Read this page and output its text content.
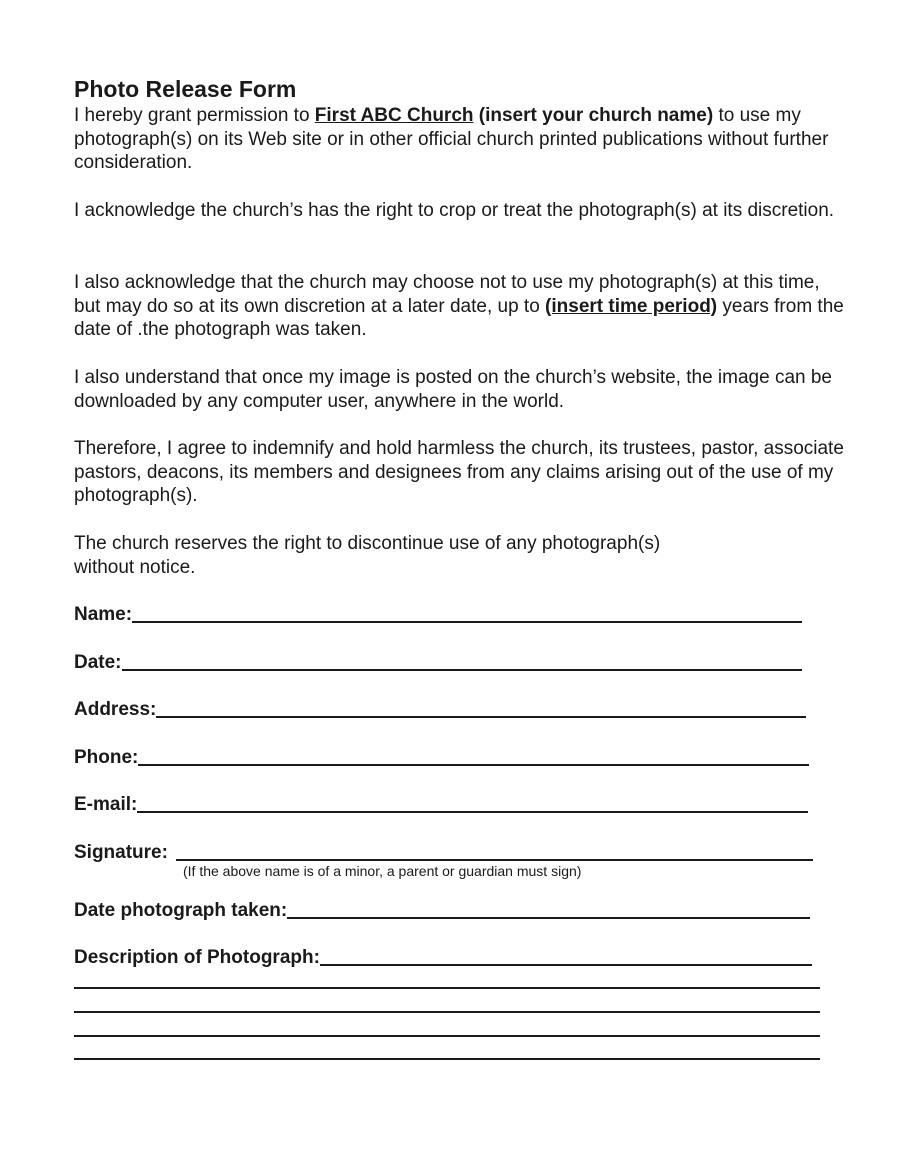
Photo Release Form

I hereby grant permission to First ABC Church (insert your church name) to use my photograph(s) on its Web site or in other official church printed publications without further consideration.

I acknowledge the church’s has the right to crop or treat the photograph(s) at its discretion.

I also acknowledge that the church may choose not to use my photograph(s) at this time, but may do so at its own discretion at a later date, up to (insert time period) years from the date of .the photograph was taken.

I also understand that once my image is posted on the church’s website, the image can be downloaded by any computer user, anywhere in the world.

Therefore, I agree to indemnify and hold harmless the church, its trustees, pastor, associate pastors, deacons, its members and designees from any claims arising out of the use of my photograph(s).

The church reserves the right to discontinue use of any photograph(s)
without notice.
Name:
Date:
Address:
Phone:
E-mail:
Signature:
(If the above name is of a minor, a parent or guardian must sign)
Date photograph taken:
Description of Photograph:
